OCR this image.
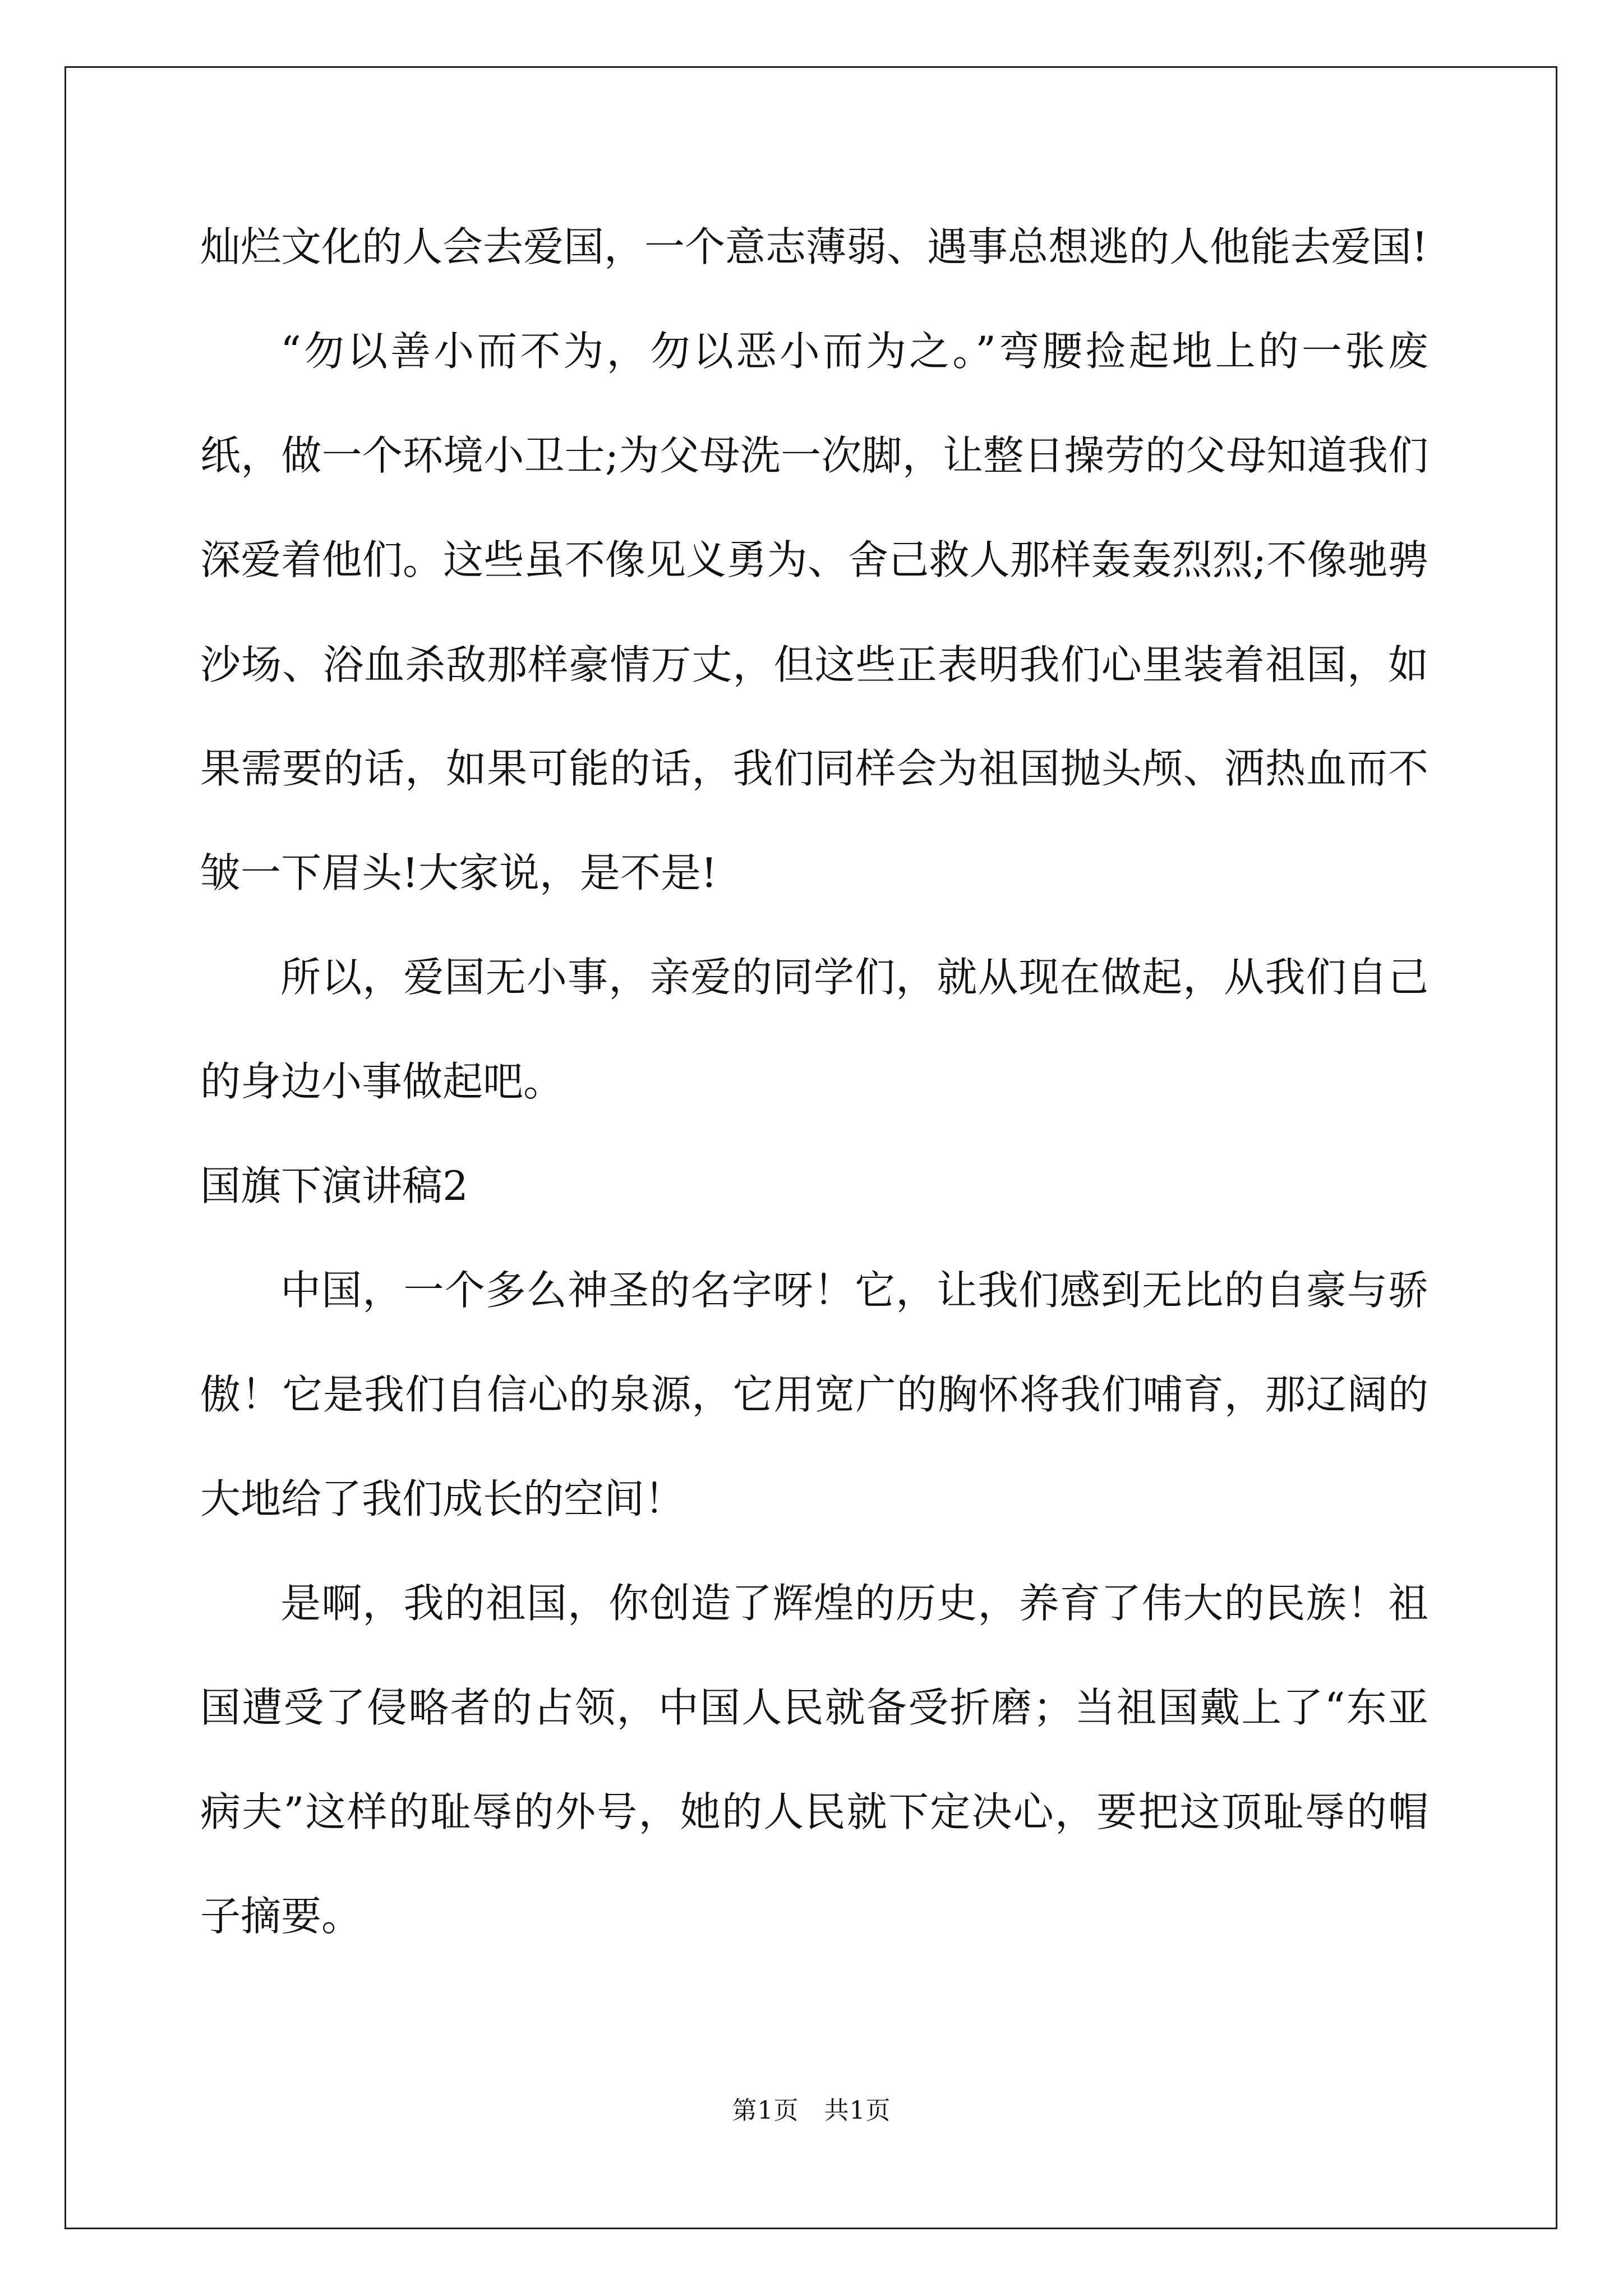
灿烂文化的人会去爱国，一个意志薄弱、遇事总想逃的人他能去爱国!

“勿以善小而不为，勿以恶小而为之。”弯腰捡起地上的一张废

纸，做一个环境小卫士;为父母洗一次脚，让整日操劳的父母知道我们

深爱着他们。这些虽不像见义勇为、舍己救人那样轰轰烈烈;不像驰骋

沙场、浴血杀敌那样豪情万丈，但这些正表明我们心里装着祖国，如

果需要的话，如果可能的话，我们同样会为祖国抛头颅、洒热血而不

皱一下眉头!大家说，是不是!

所以，爱国无小事，亲爱的同学们，就从现在做起，从我们自己

的身边小事做起吧。

国旗下演讲稿2

中国，一个多么神圣的名字呀！它，让我们感到无比的自豪与骄

傲！它是我们自信心的泉源，它用宽广的胸怀将我们哺育，那辽阔的

大地给了我们成长的空间！

是啊，我的祖国，你创造了辉煌的历史，养育了伟大的民族！祖

国遭受了侵略者的占领，中国人民就备受折磨；当祖国戴上了“东亚

病夫”这样的耻辱的外号，她的人民就下定决心，要把这顶耻辱的帽

子摘要。

第1页   共1页
